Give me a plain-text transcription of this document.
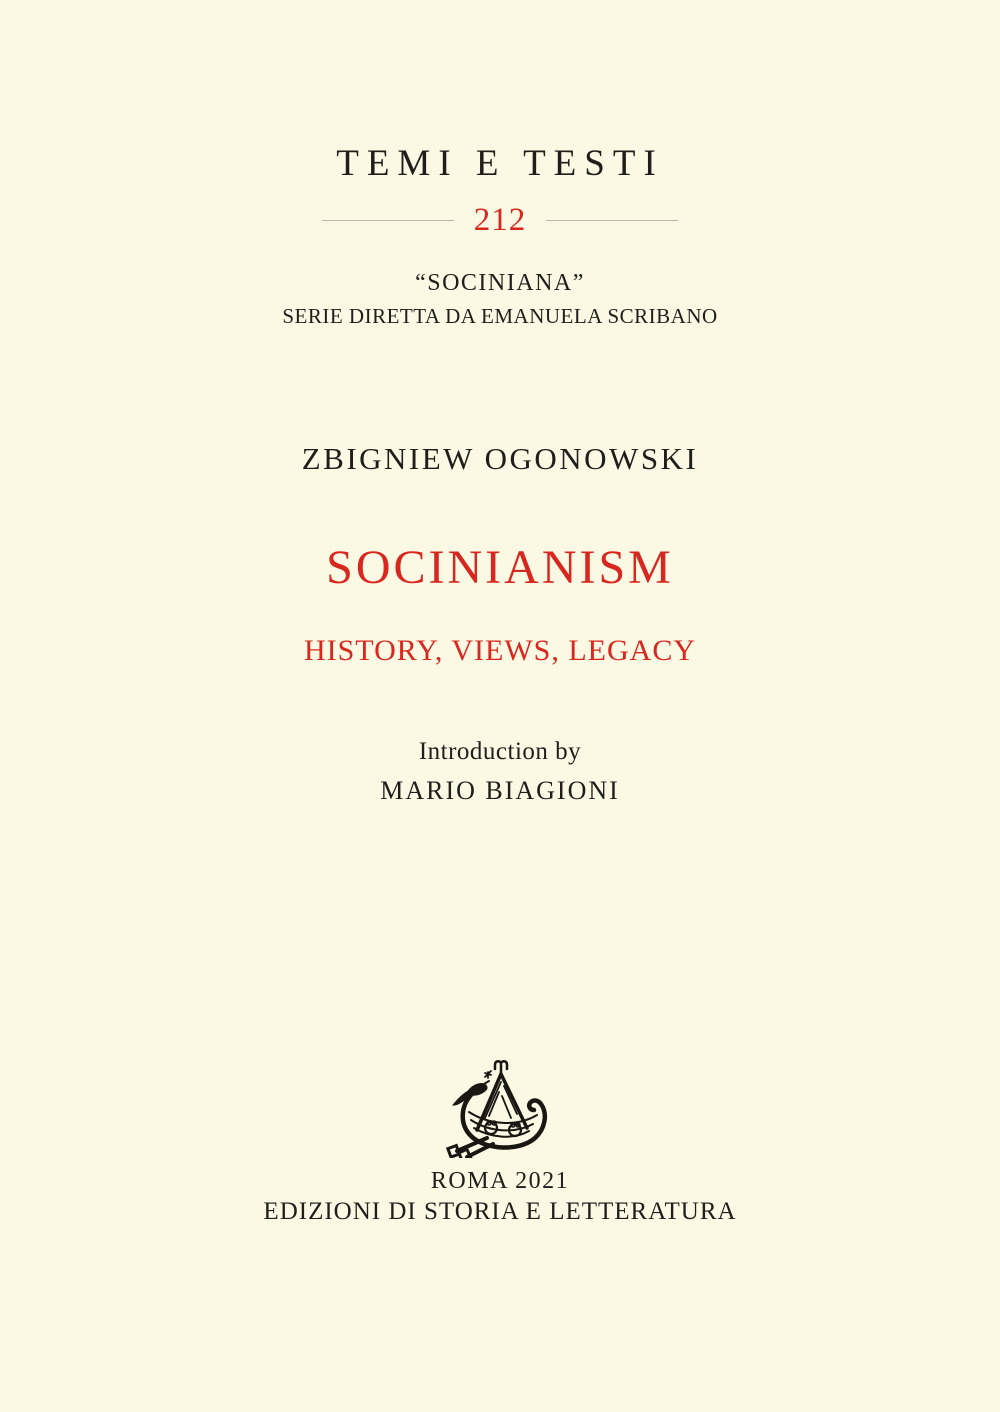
TEMI E TESTI
212
“SOCINIANA”
SERIE DIRETTA DA EMANUELA SCRIBANO
ZBIGNIEW OGONOWSKI
SOCINIANISM
HISTORY, VIEWS, LEGACY
Introduction by
MARIO BIAGIONI
ROMA 2021
EDIZIONI DI STORIA E LETTERATURA
